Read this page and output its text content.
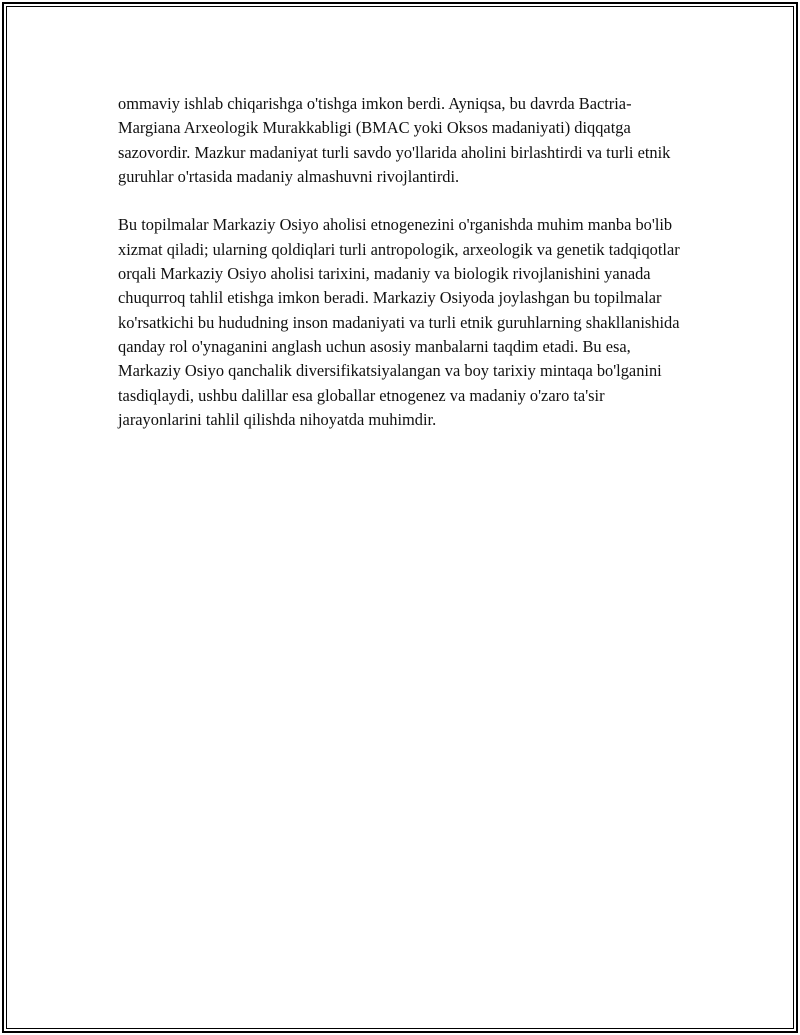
ommaviy ishlab chiqarishga o'tishga imkon berdi. Ayniqsa, bu davrda Bactria-Margiana Arxeologik Murakkabligi (BMAC yoki Oksos madaniyati) diqqatga sazovordir. Mazkur madaniyat turli savdo yo'llarida aholini birlashtirdi va turli etnik guruhlar o'rtasida madaniy almashuvni rivojlantirdi.

Bu topilmalar Markaziy Osiyo aholisi etnogenezini o'rganishda muhim manba bo'lib xizmat qiladi; ularning qoldiqlari turli antropologik, arxeologik va genetik tadqiqotlar orqali Markaziy Osiyo aholisi tarixini, madaniy va biologik rivojlanishini yanada chuqurroq tahlil etishga imkon beradi. Markaziy Osiyoda joylashgan bu topilmalar ko'rsatkichi bu hududning inson madaniyati va turli etnik guruhlarning shakllanishida qanday rol o'ynaganini anglash uchun asosiy manbalarni taqdim etadi. Bu esa, Markaziy Osiyo qanchalik diversifikatsiyalangan va boy tarixiy mintaqa bo'lganini tasdiqlaydi, ushbu dalillar esa globallar etnogenez va madaniy o'zaro ta'sir jarayonlarini tahlil qilishda nihoyatda muhimdir.
